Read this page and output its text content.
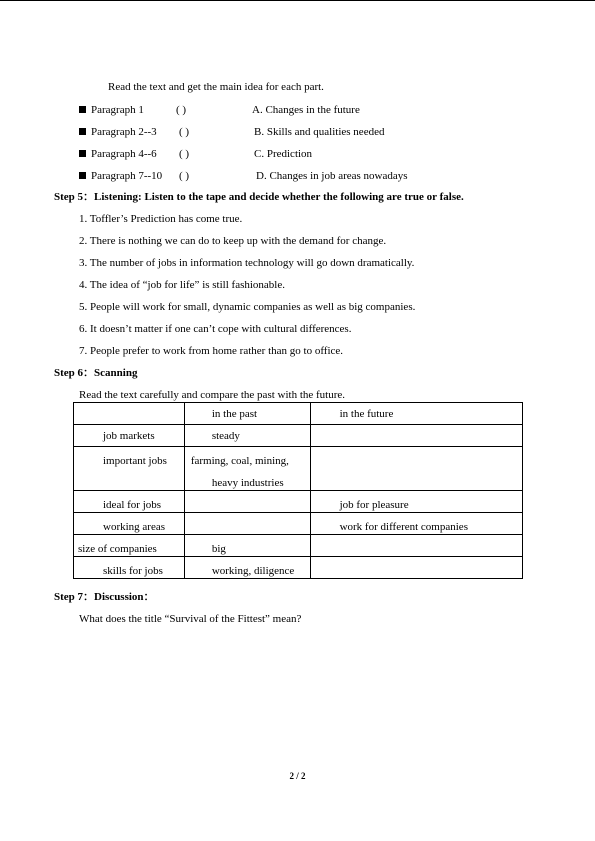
Read the text and get the main idea for each part.
Paragraph 1	( )	A. Changes in the future
Paragraph 2--3 ( )	B. Skills and qualities needed
Paragraph 4--6 ( )	C. Prediction
Paragraph 7--10 ( )	D. Changes in job areas nowadays
Step 5：Listening: Listen to the tape and decide whether the following are true or false.
1. Toffler’s Prediction has come true.
2. There is nothing we can do to keep up with the demand for change.
3. The number of jobs in information technology will go down dramatically.
4. The idea of “job for life” is still fashionable.
5. People will work for small, dynamic companies as well as big companies.
6. It doesn’t matter if one can’t cope with cultural differences.
7. People prefer to work from home rather than go to office.
Step 6：Scanning
Read the text carefully and compare the past with the future.

	in the past	in the future

job markets	steady	

important jobs	farming, coal, mining,
heavy industries	

ideal for jobs		job for pleasure

working areas		work for different companies

size of companies	big	

skills for jobs	working, diligence	

Step 7：Discussion：
What does the title “Survival of the Fittest” mean?
2 / 2
